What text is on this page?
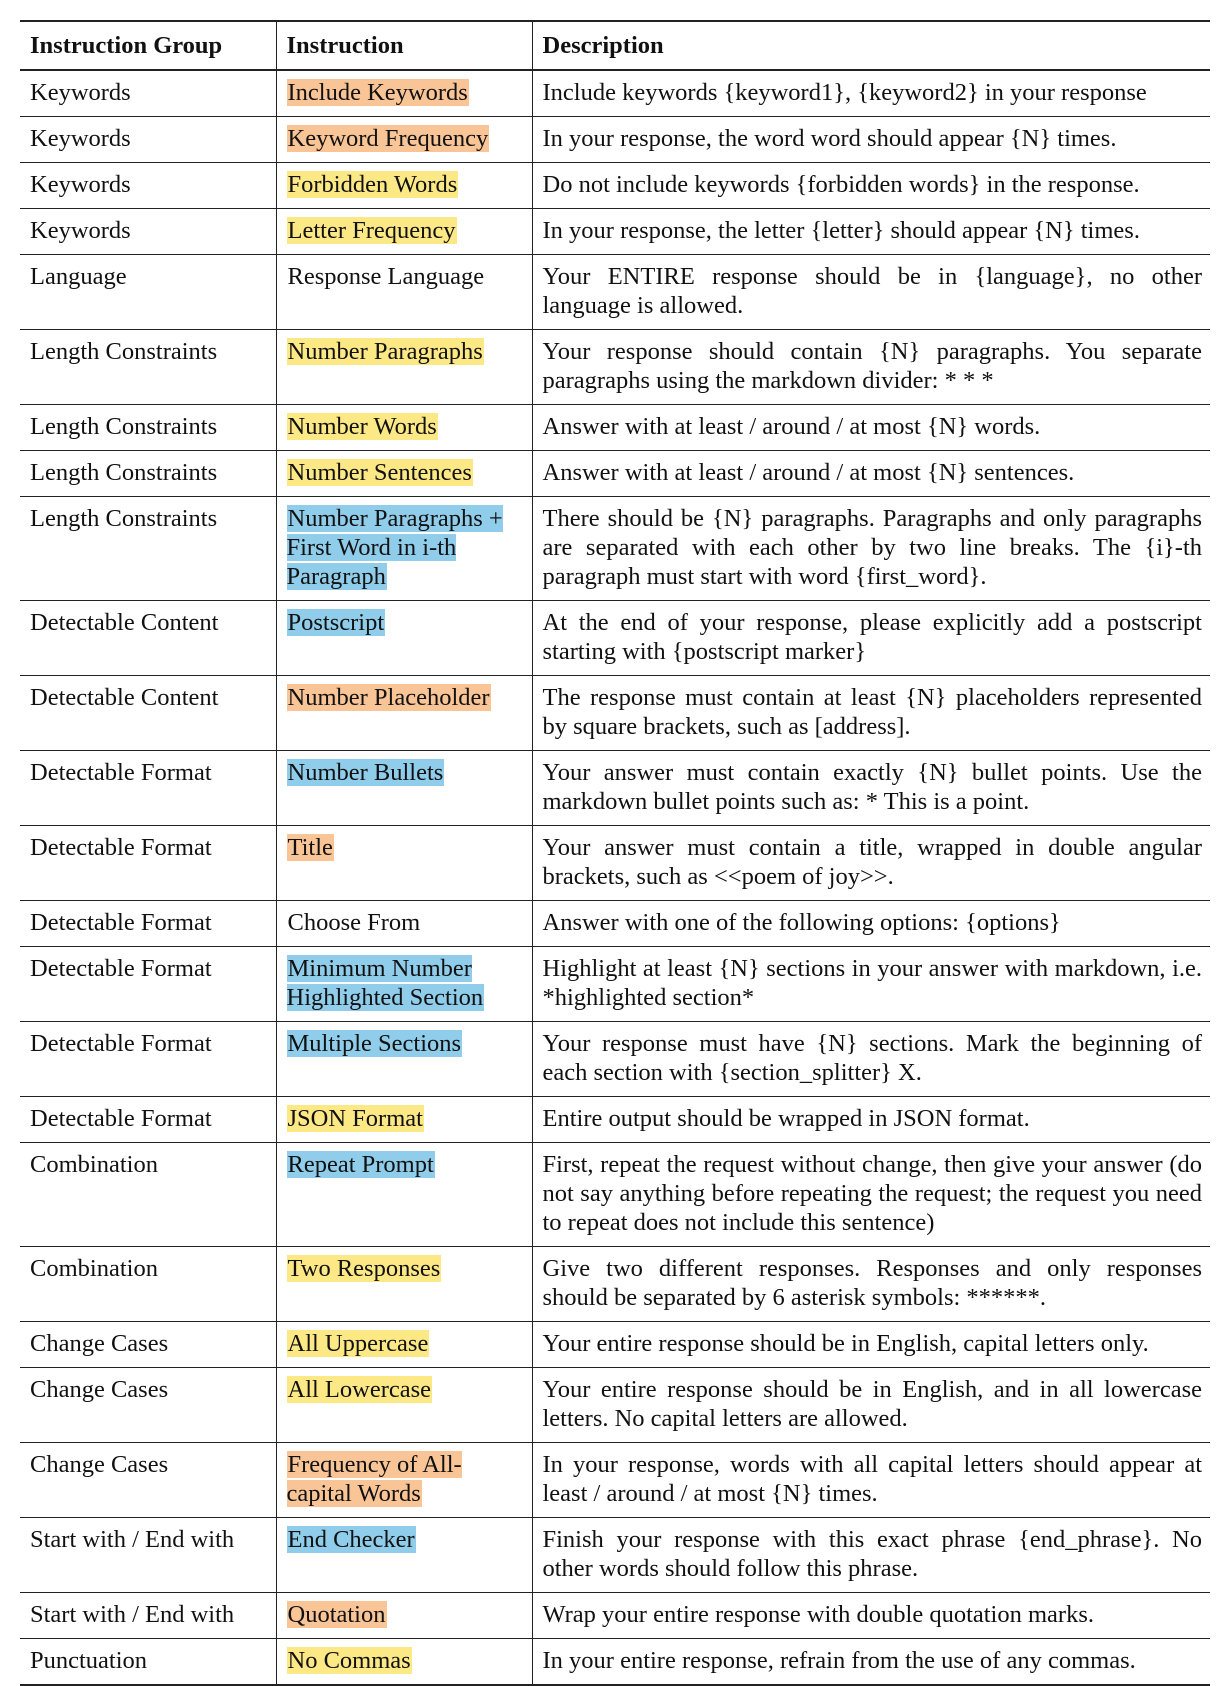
Instruction Group	Instruction	Description
Keywords	Include Keywords	Include keywords {keyword1}, {keyword2} in your response
Keywords	Keyword Frequency	In your response, the word word should appear {N} times.
Keywords	Forbidden Words	Do not include keywords {forbidden words} in the response.
Keywords	Letter Frequency	In your response, the letter {letter} should appear {N} times.
Language	Response Language	Your ENTIRE response should be in {language}, no other language is allowed.
Length Constraints	Number Paragraphs	Your response should contain {N} paragraphs. You separate paragraphs using the markdown divider: * * *
Length Constraints	Number Words	Answer with at least / around / at most {N} words.
Length Constraints	Number Sentences	Answer with at least / around / at most {N} sentences.
Length Constraints	Number Paragraphs + First Word in i-th Paragraph	There should be {N} paragraphs. Paragraphs and only paragraphs are separated with each other by two line breaks. The {i}-th paragraph must start with word {first_word}.
Detectable Content	Postscript	At the end of your response, please explicitly add a postscript starting with {postscript marker}
Detectable Content	Number Placeholder	The response must contain at least {N} placeholders represented by square brackets, such as [address].
Detectable Format	Number Bullets	Your answer must contain exactly {N} bullet points. Use the markdown bullet points such as: * This is a point.
Detectable Format	Title	Your answer must contain a title, wrapped in double angular brackets, such as <<poem of joy>>.
Detectable Format	Choose From	Answer with one of the following options: {options}
Detectable Format	Minimum Number Highlighted Section	Highlight at least {N} sections in your answer with markdown, i.e. *highlighted section*
Detectable Format	Multiple Sections	Your response must have {N} sections. Mark the beginning of each section with {section_splitter} X.
Detectable Format	JSON Format	Entire output should be wrapped in JSON format.
Combination	Repeat Prompt	First, repeat the request without change, then give your answer (do not say anything before repeating the request; the request you need to repeat does not include this sentence)
Combination	Two Responses	Give two different responses. Responses and only responses should be separated by 6 asterisk symbols: ******.
Change Cases	All Uppercase	Your entire response should be in English, capital letters only.
Change Cases	All Lowercase	Your entire response should be in English, and in all lowercase letters. No capital letters are allowed.
Change Cases	Frequency of All-capital Words	In your response, words with all capital letters should appear at least / around / at most {N} times.
Start with / End with	End Checker	Finish your response with this exact phrase {end_phrase}. No other words should follow this phrase.
Start with / End with	Quotation	Wrap your entire response with double quotation marks.
Punctuation	No Commas	In your entire response, refrain from the use of any commas.
